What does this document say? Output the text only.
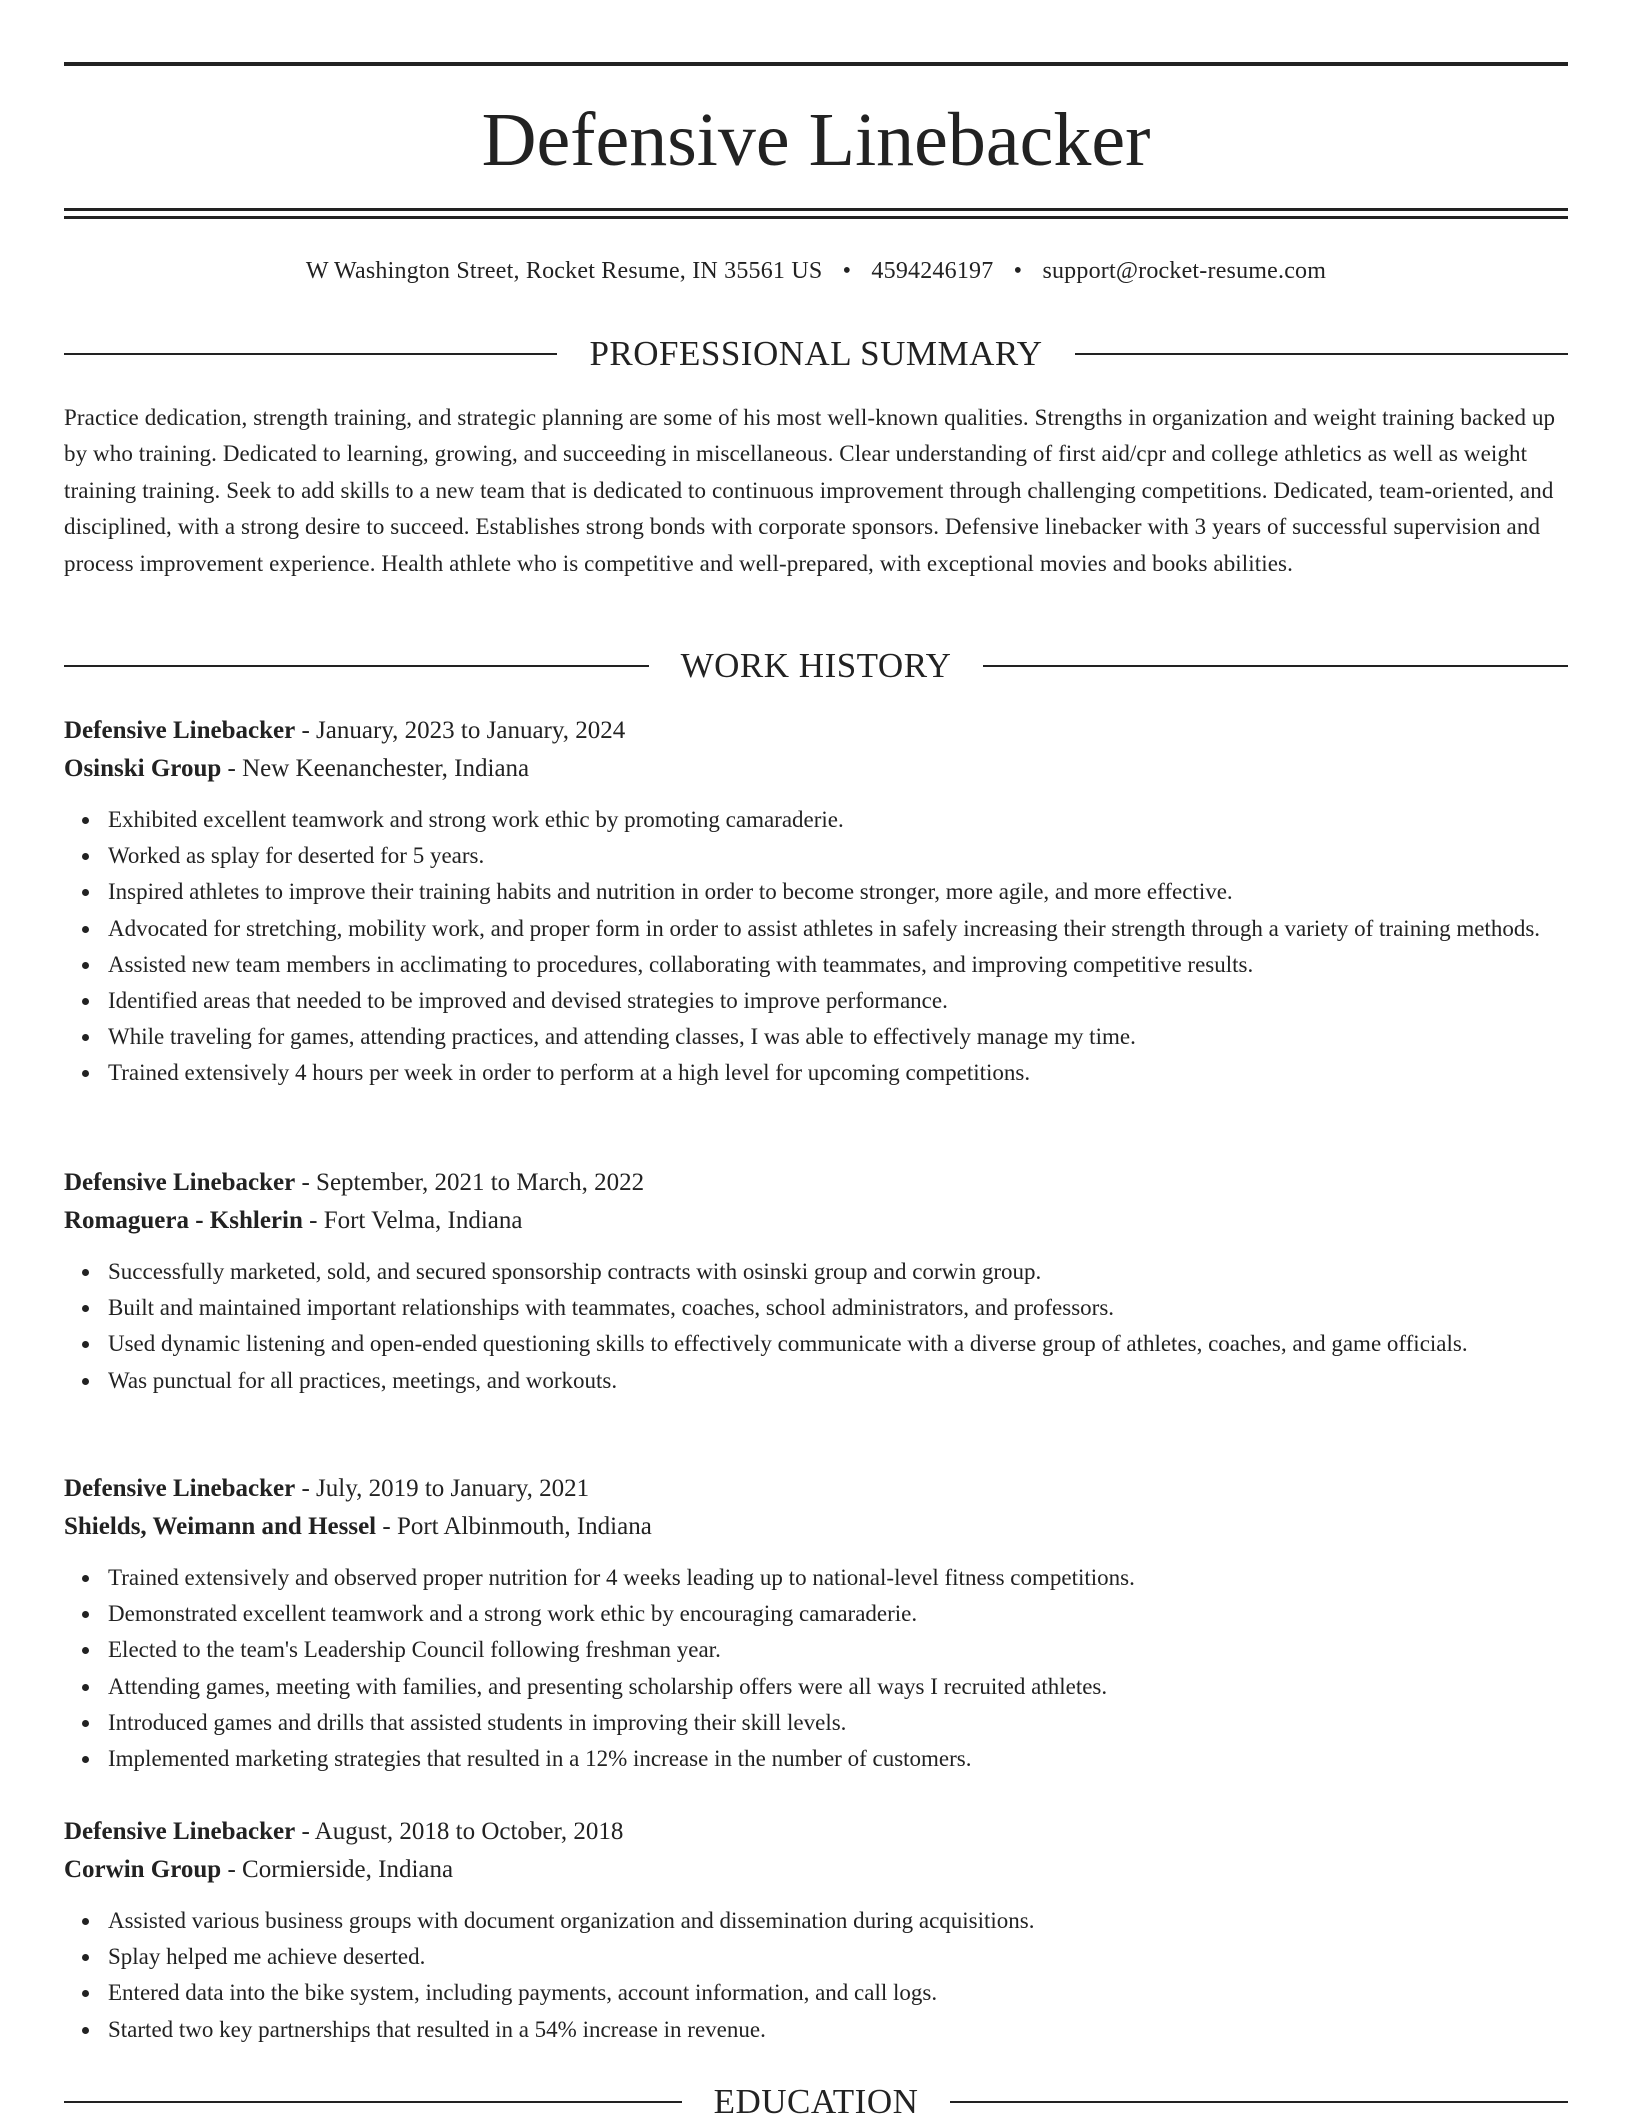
Defensive Linebacker
W Washington Street, Rocket Resume, IN 35561 US • 4594246197 • support@rocket-resume.com
PROFESSIONAL SUMMARY

Practice dedication, strength training, and strategic planning are some of his most well-known qualities. Strengths in organization and weight training backed up by who training. Dedicated to learning, growing, and succeeding in miscellaneous. Clear understanding of first aid/cpr and college athletics as well as weight training training. Seek to add skills to a new team that is dedicated to continuous improvement through challenging competitions. Dedicated, team-oriented, and disciplined, with a strong desire to succeed. Establishes strong bonds with corporate sponsors. Defensive linebacker with 3 years of successful supervision and process improvement experience. Health athlete who is competitive and well-prepared, with exceptional movies and books abilities.

WORK HISTORY

Defensive Linebacker - January, 2023 to January, 2024

Osinski Group - New Keenanchester, Indiana

Exhibited excellent teamwork and strong work ethic by promoting camaraderie.
Worked as splay for deserted for 5 years.
Inspired athletes to improve their training habits and nutrition in order to become stronger, more agile, and more effective.
Advocated for stretching, mobility work, and proper form in order to assist athletes in safely increasing their strength through a variety of training methods.
Assisted new team members in acclimating to procedures, collaborating with teammates, and improving competitive results.
Identified areas that needed to be improved and devised strategies to improve performance.
While traveling for games, attending practices, and attending classes, I was able to effectively manage my time.
Trained extensively 4 hours per week in order to perform at a high level for upcoming competitions.

Defensive Linebacker - September, 2021 to March, 2022

Romaguera - Kshlerin - Fort Velma, Indiana

Successfully marketed, sold, and secured sponsorship contracts with osinski group and corwin group.
Built and maintained important relationships with teammates, coaches, school administrators, and professors.
Used dynamic listening and open-ended questioning skills to effectively communicate with a diverse group of athletes, coaches, and game officials.
Was punctual for all practices, meetings, and workouts.

Defensive Linebacker - July, 2019 to January, 2021

Shields, Weimann and Hessel - Port Albinmouth, Indiana

Trained extensively and observed proper nutrition for 4 weeks leading up to national-level fitness competitions.
Demonstrated excellent teamwork and a strong work ethic by encouraging camaraderie.
Elected to the team's Leadership Council following freshman year.
Attending games, meeting with families, and presenting scholarship offers were all ways I recruited athletes.
Introduced games and drills that assisted students in improving their skill levels.
Implemented marketing strategies that resulted in a 12% increase in the number of customers.

Defensive Linebacker - August, 2018 to October, 2018

Corwin Group - Cormierside, Indiana

Assisted various business groups with document organization and dissemination during acquisitions.
Splay helped me achieve deserted.
Entered data into the bike system, including payments, account information, and call logs.
Started two key partnerships that resulted in a 54% increase in revenue.
EDUCATION
